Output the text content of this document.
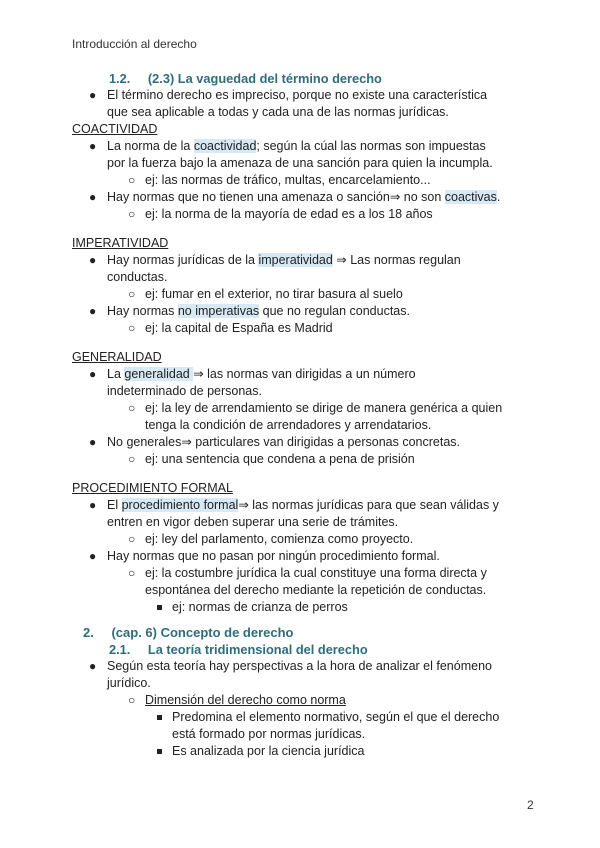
Introducción al derecho
1.2. (2.3) La vaguedad del término derecho
● El término derecho es impreciso, porque no existe una característica
que sea aplicable a todas y cada una de las normas jurídicas.
COACTIVIDAD
● La norma de la coactividad; según la cúal las normas son impuestas
por la fuerza bajo la amenaza de una sanción para quien la incumpla.
○ ej: las normas de tráfico, multas, encarcelamiento...
● Hay normas que no tienen una amenaza o sanción⇒ no son coactivas.
○ ej: la norma de la mayoría de edad es a los 18 años
IMPERATIVIDAD
● Hay normas jurídicas de la imperatividad ⇒ Las normas regulan
conductas.
○ ej: fumar en el exterior, no tirar basura al suelo
● Hay normas no imperativas que no regulan conductas.
○ ej: la capital de España es Madrid
GENERALIDAD
● La generalidad ⇒ las normas van dirigidas a un número
indeterminado de personas.
○ ej: la ley de arrendamiento se dirige de manera genérica a quien
tenga la condición de arrendadores y arrendatarios.
● No generales⇒ particulares van dirigidas a personas concretas.
○ ej: una sentencia que condena a pena de prisión
PROCEDIMIENTO FORMAL
● El procedimiento formal⇒ las normas jurídicas para que sean válidas y
entren en vigor deben superar una serie de trámites.
○ ej: ley del parlamento, comienza como proyecto.
● Hay normas que no pasan por ningún procedimiento formal.
○ ej: la costumbre jurídica la cual constituye una forma directa y
espontánea del derecho mediante la repetición de conductas.
ej: normas de crianza de perros
2. (cap. 6) Concepto de derecho
2.1. La teoría tridimensional del derecho
● Según esta teoría hay perspectivas a la hora de analizar el fenómeno
jurídico.
○ Dimensión del derecho como norma
Predomina el elemento normativo, según el que el derecho
está formado por normas jurídicas.
Es analizada por la ciencia jurídica
2
